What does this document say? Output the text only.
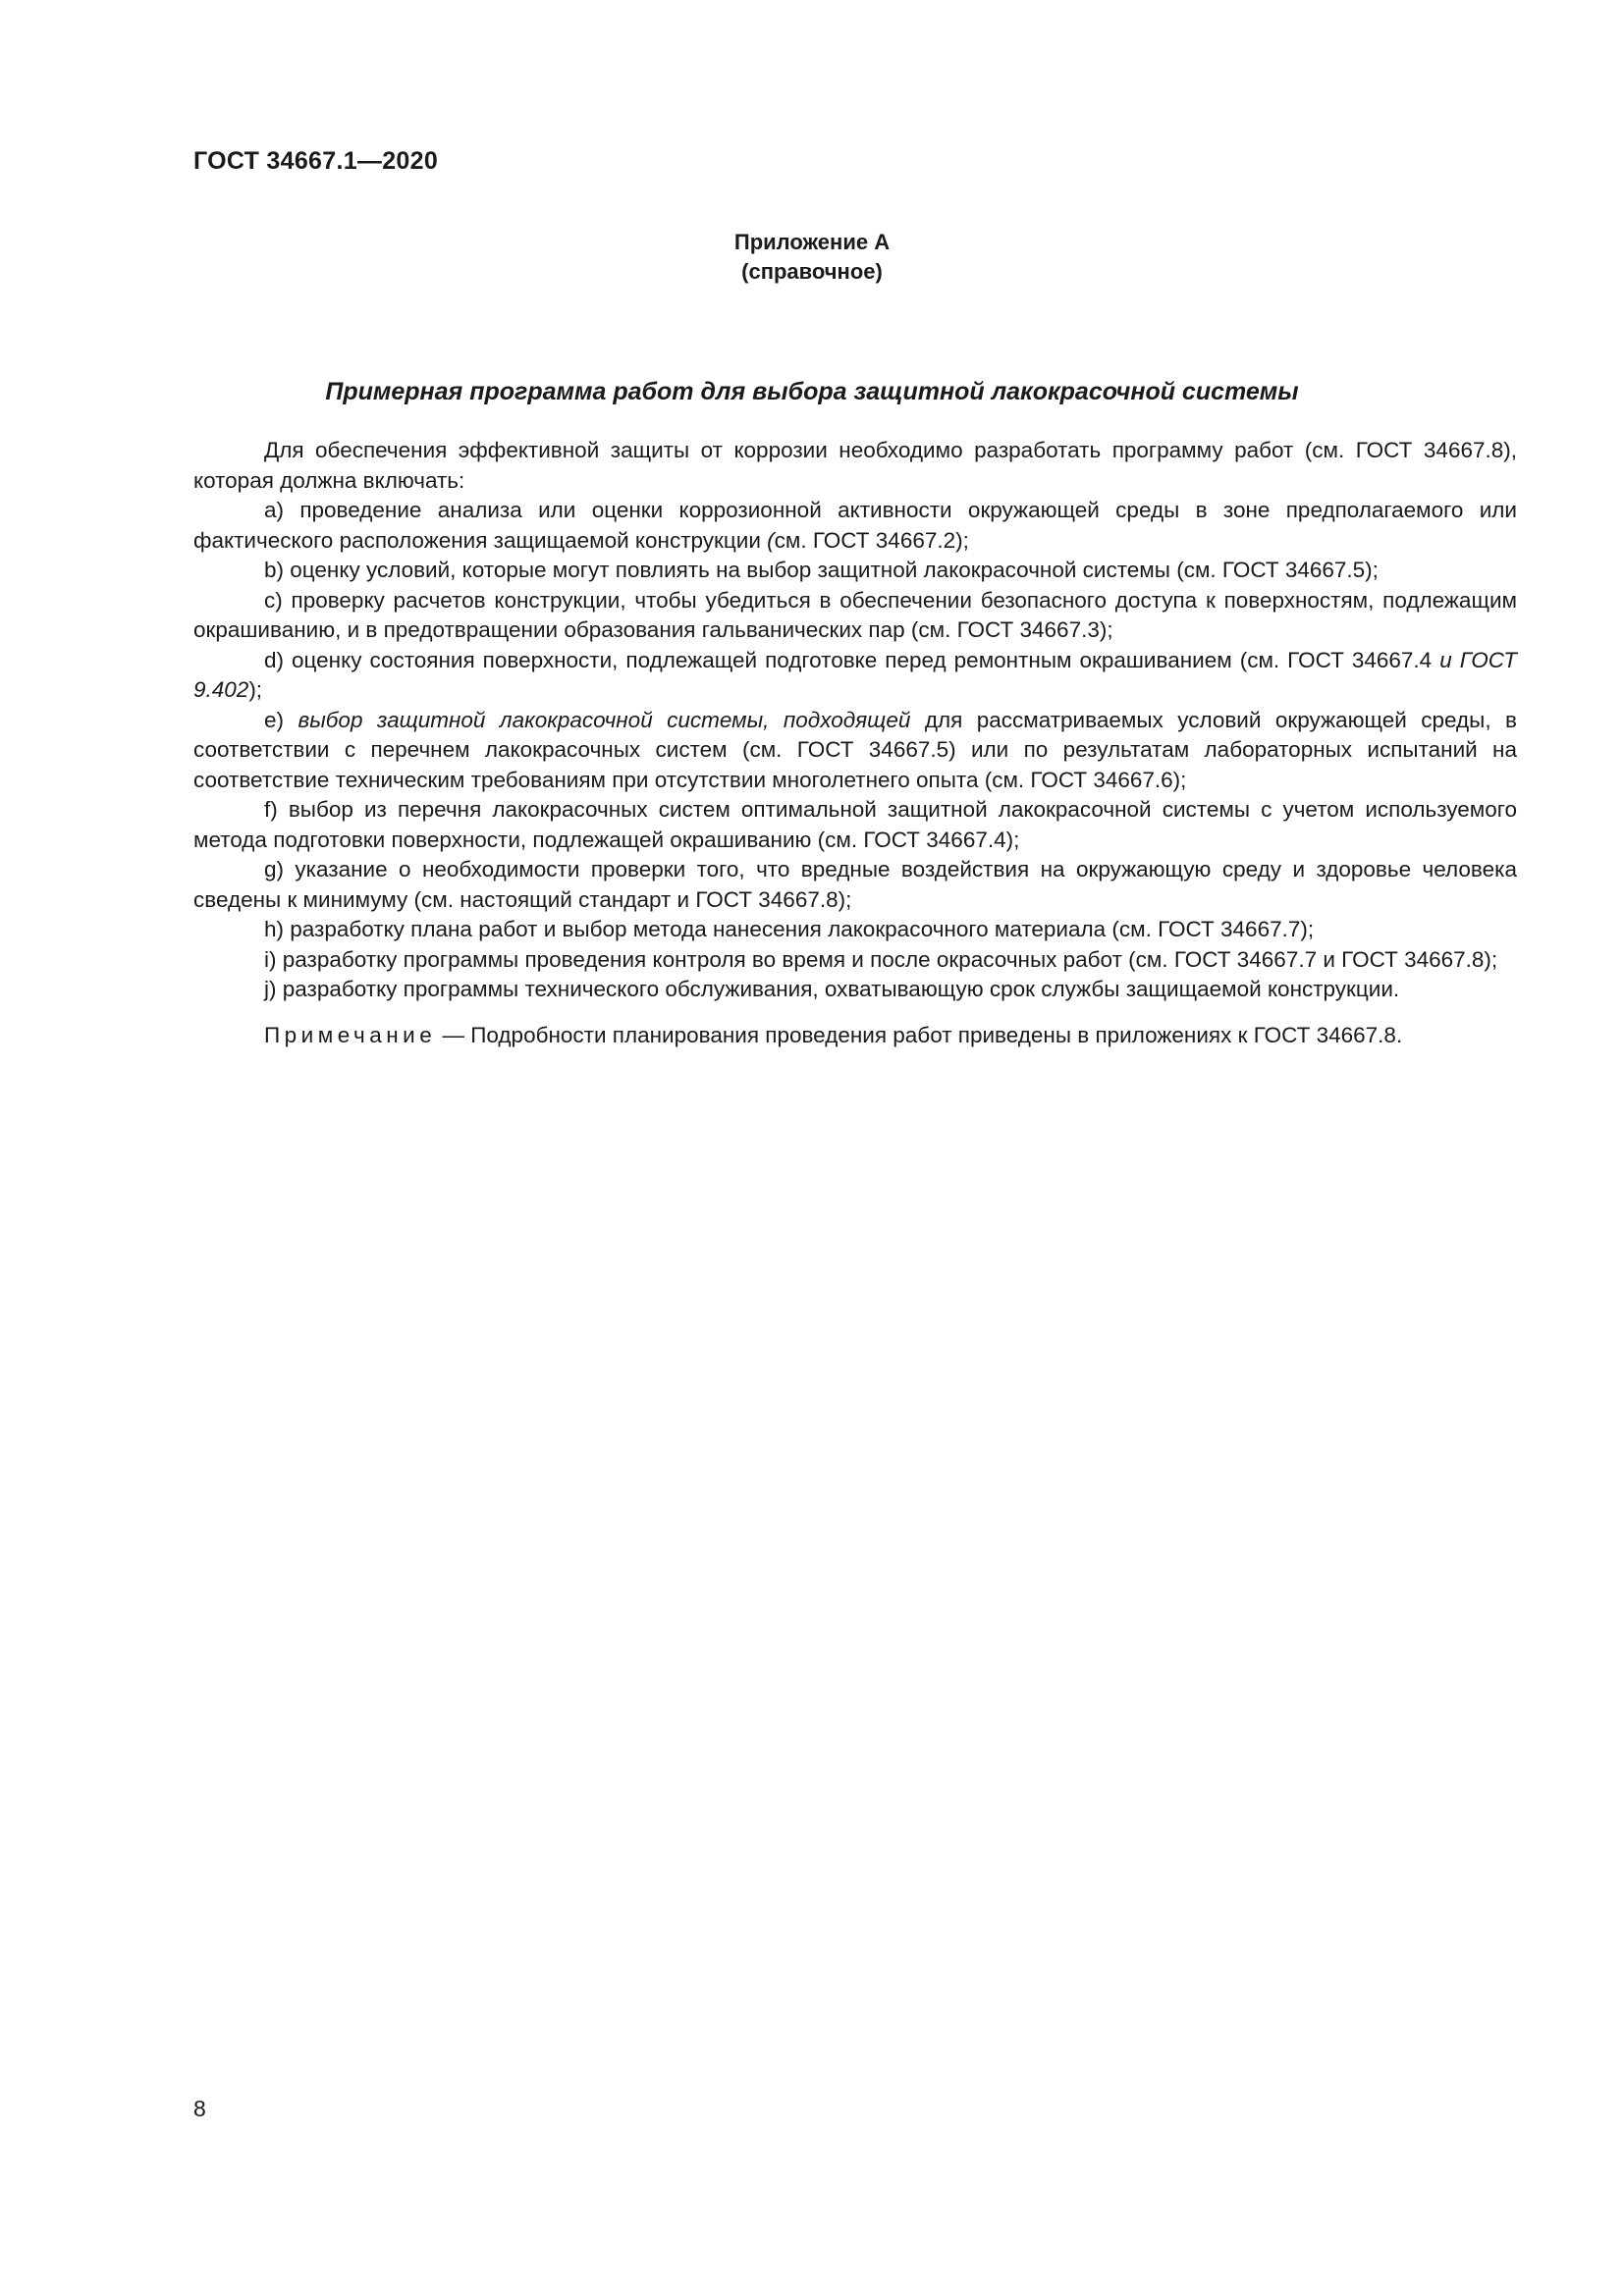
ГОСТ 34667.1—2020
Приложение А
(справочное)
Примерная программа работ для выбора защитной лакокрасочной системы

Для обеспечения эффективной защиты от коррозии необходимо разработать программу работ (см. ГОСТ 34667.8), которая должна включать:

а) проведение анализа или оценки коррозионной активности окружающей среды в зоне предполагаемого или фактического расположения защищаемой конструкции (см. ГОСТ 34667.2);

b) оценку условий, которые могут повлиять на выбор защитной лакокрасочной системы (см. ГОСТ 34667.5);

с) проверку расчетов конструкции, чтобы убедиться в обеспечении безопасного доступа к поверхностям, подлежащим окрашиванию, и в предотвращении образования гальванических пар (см. ГОСТ 34667.3);

d) оценку состояния поверхности, подлежащей подготовке перед ремонтным окрашиванием (см. ГОСТ 34667.4 и ГОСТ 9.402);

е) выбор защитной лакокрасочной системы, подходящей для рассматриваемых условий окружающей среды, в соответствии с перечнем лакокрасочных систем (см. ГОСТ 34667.5) или по результатам лабораторных испытаний на соответствие техническим требованиям при отсутствии многолетнего опыта (см. ГОСТ 34667.6);

f) выбор из перечня лакокрасочных систем оптимальной защитной лакокрасочной системы с учетом используемого метода подготовки поверхности, подлежащей окрашиванию (см. ГОСТ 34667.4);

g) указание о необходимости проверки того, что вредные воздействия на окружающую среду и здоровье человека сведены к минимуму (см. настоящий стандарт и ГОСТ 34667.8);

h) разработку плана работ и выбор метода нанесения лакокрасочного материала (см. ГОСТ 34667.7);

i) разработку программы проведения контроля во время и после окрасочных работ (см. ГОСТ 34667.7 и ГОСТ 34667.8);

j) разработку программы технического обслуживания, охватывающую срок службы защищаемой конструкции.

Примечание — Подробности планирования проведения работ приведены в приложениях к ГОСТ 34667.8.

8
